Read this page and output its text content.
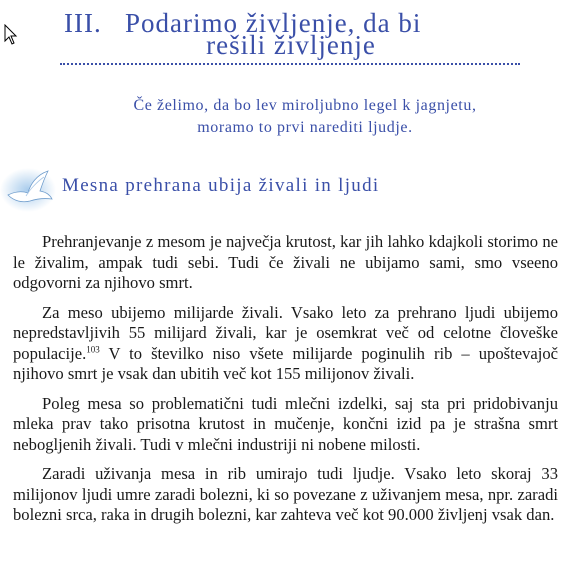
III.   Podarimo življenje, da bi
rešili življenje
Če želimo, da bo lev miroljubno legel k jagnjetu,
moramo to prvi narediti ljudje.
Mesna prehrana ubija živali in ljudi

Prehranjevanje z mesom je največja krutost, kar jih lahko kdajkoli storimo ne le živalim, ampak tudi sebi. Tudi če živali ne ubijamo sami, smo vseeno odgovorni za njihovo smrt.

Za meso ubijemo milijarde živali. Vsako leto za prehrano ljudi ubijemo nepredstavljivih 55 milijard živali, kar je osemkrat več od celotne človeške populacije.$^{103}$ V to številko niso všete milijarde poginulih rib – upoštevajoč njihovo smrt je vsak dan ubitih več kot 155 milijonov živali.

Poleg mesa so problematični tudi mlečni izdelki, saj sta pri pridobivanju mleka prav tako prisotna krutost in mučenje, končni izid pa je strašna smrt nebogljenih živali. Tudi v mlečni industriji ni nobene milosti.

Zaradi uživanja mesa in rib umirajo tudi ljudje. Vsako leto skoraj 33 milijonov ljudi umre zaradi bolezni, ki so povezane z uživanjem mesa, npr. zaradi bolezni srca, raka in drugih bolezni, kar zahteva več kot 90.000 življenj vsak dan.
